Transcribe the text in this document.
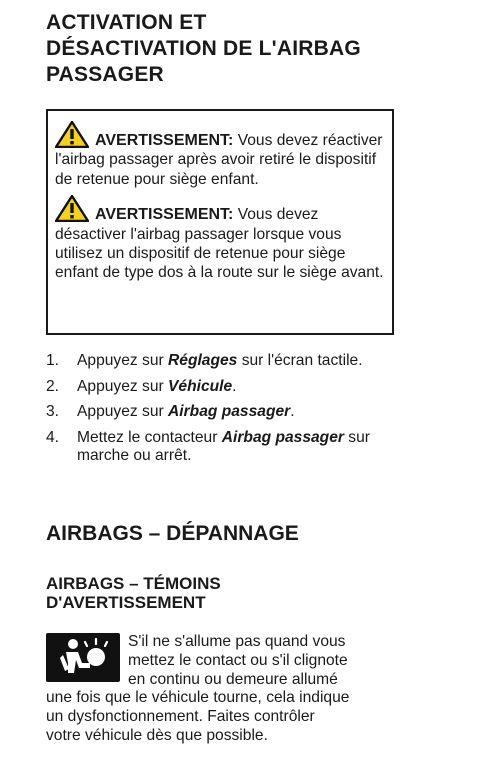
ACTIVATION ET
DÉSACTIVATION DE L'AIRBAG
PASSAGER

AVERTISSEMENT: Vous devez réactiver l'airbag passager après avoir retiré le dispositif de retenue pour siège enfant.

AVERTISSEMENT: Vous devez désactiver l'airbag passager lorsque vous utilisez un dispositif de retenue pour siège enfant de type dos à la route sur le siège avant.

1. Appuyez sur Réglages sur l'écran tactile.
2. Appuyez sur Véhicule.
3. Appuyez sur Airbag passager.
4. Mettez le contacteur Airbag passager sur marche ou arrêt.
AIRBAGS – DÉPANNAGE
AIRBAGS – TÉMOINS
D'AVERTISSEMENT
S'il ne s'allume pas quand vous
mettez le contact ou s'il clignote
en continu ou demeure allumé
une fois que le véhicule tourne, cela indique
un dysfonctionnement. Faites contrôler
votre véhicule dès que possible.
